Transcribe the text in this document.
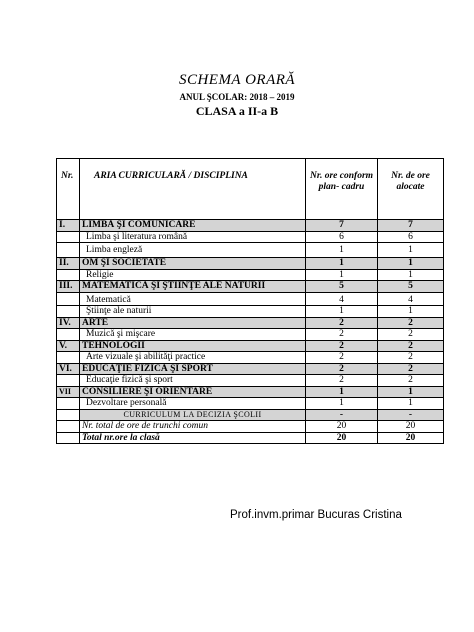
SCHEMA ORARĂ
ANUL ŞCOLAR: 2018 – 2019
CLASA a II-a B
Nr.	ARIA CURRICULARĂ / DISCIPLINA	Nr. ore conform plan- cadru	Nr. de ore alocate
I.	LIMBĂ ŞI COMUNICARE	7	7
	Limba şi literatura română	6	6
	Limba engleză	1	1
II.	OM ŞI SOCIETATE	1	1
	Religie	1	1
III.	MATEMATICĂ ŞI ŞTIINŢE ALE NATURII	5	5
	Matematică	4	4
	Ştiinţe ale naturii	1	1
IV.	ARTE	2	2
	Muzică şi mişcare	2	2
V.	TEHNOLOGII	2	2
	Arte vizuale şi abilităţi practice	2	2
VI.	EDUCAŢIE FIZICĂ ŞI SPORT	2	2
	Educaţie fizică şi sport	2	2
VII	CONSILIERE ŞI ORIENTARE	1	1
	Dezvoltare personală	1	1
	CURRICULUM LA DECIZIA ŞCOLII	-	-
	Nr. total de ore de trunchi comun	20	20
	Total nr.ore la clasă	20	20
Prof.invm.primar Bucuras Cristina
